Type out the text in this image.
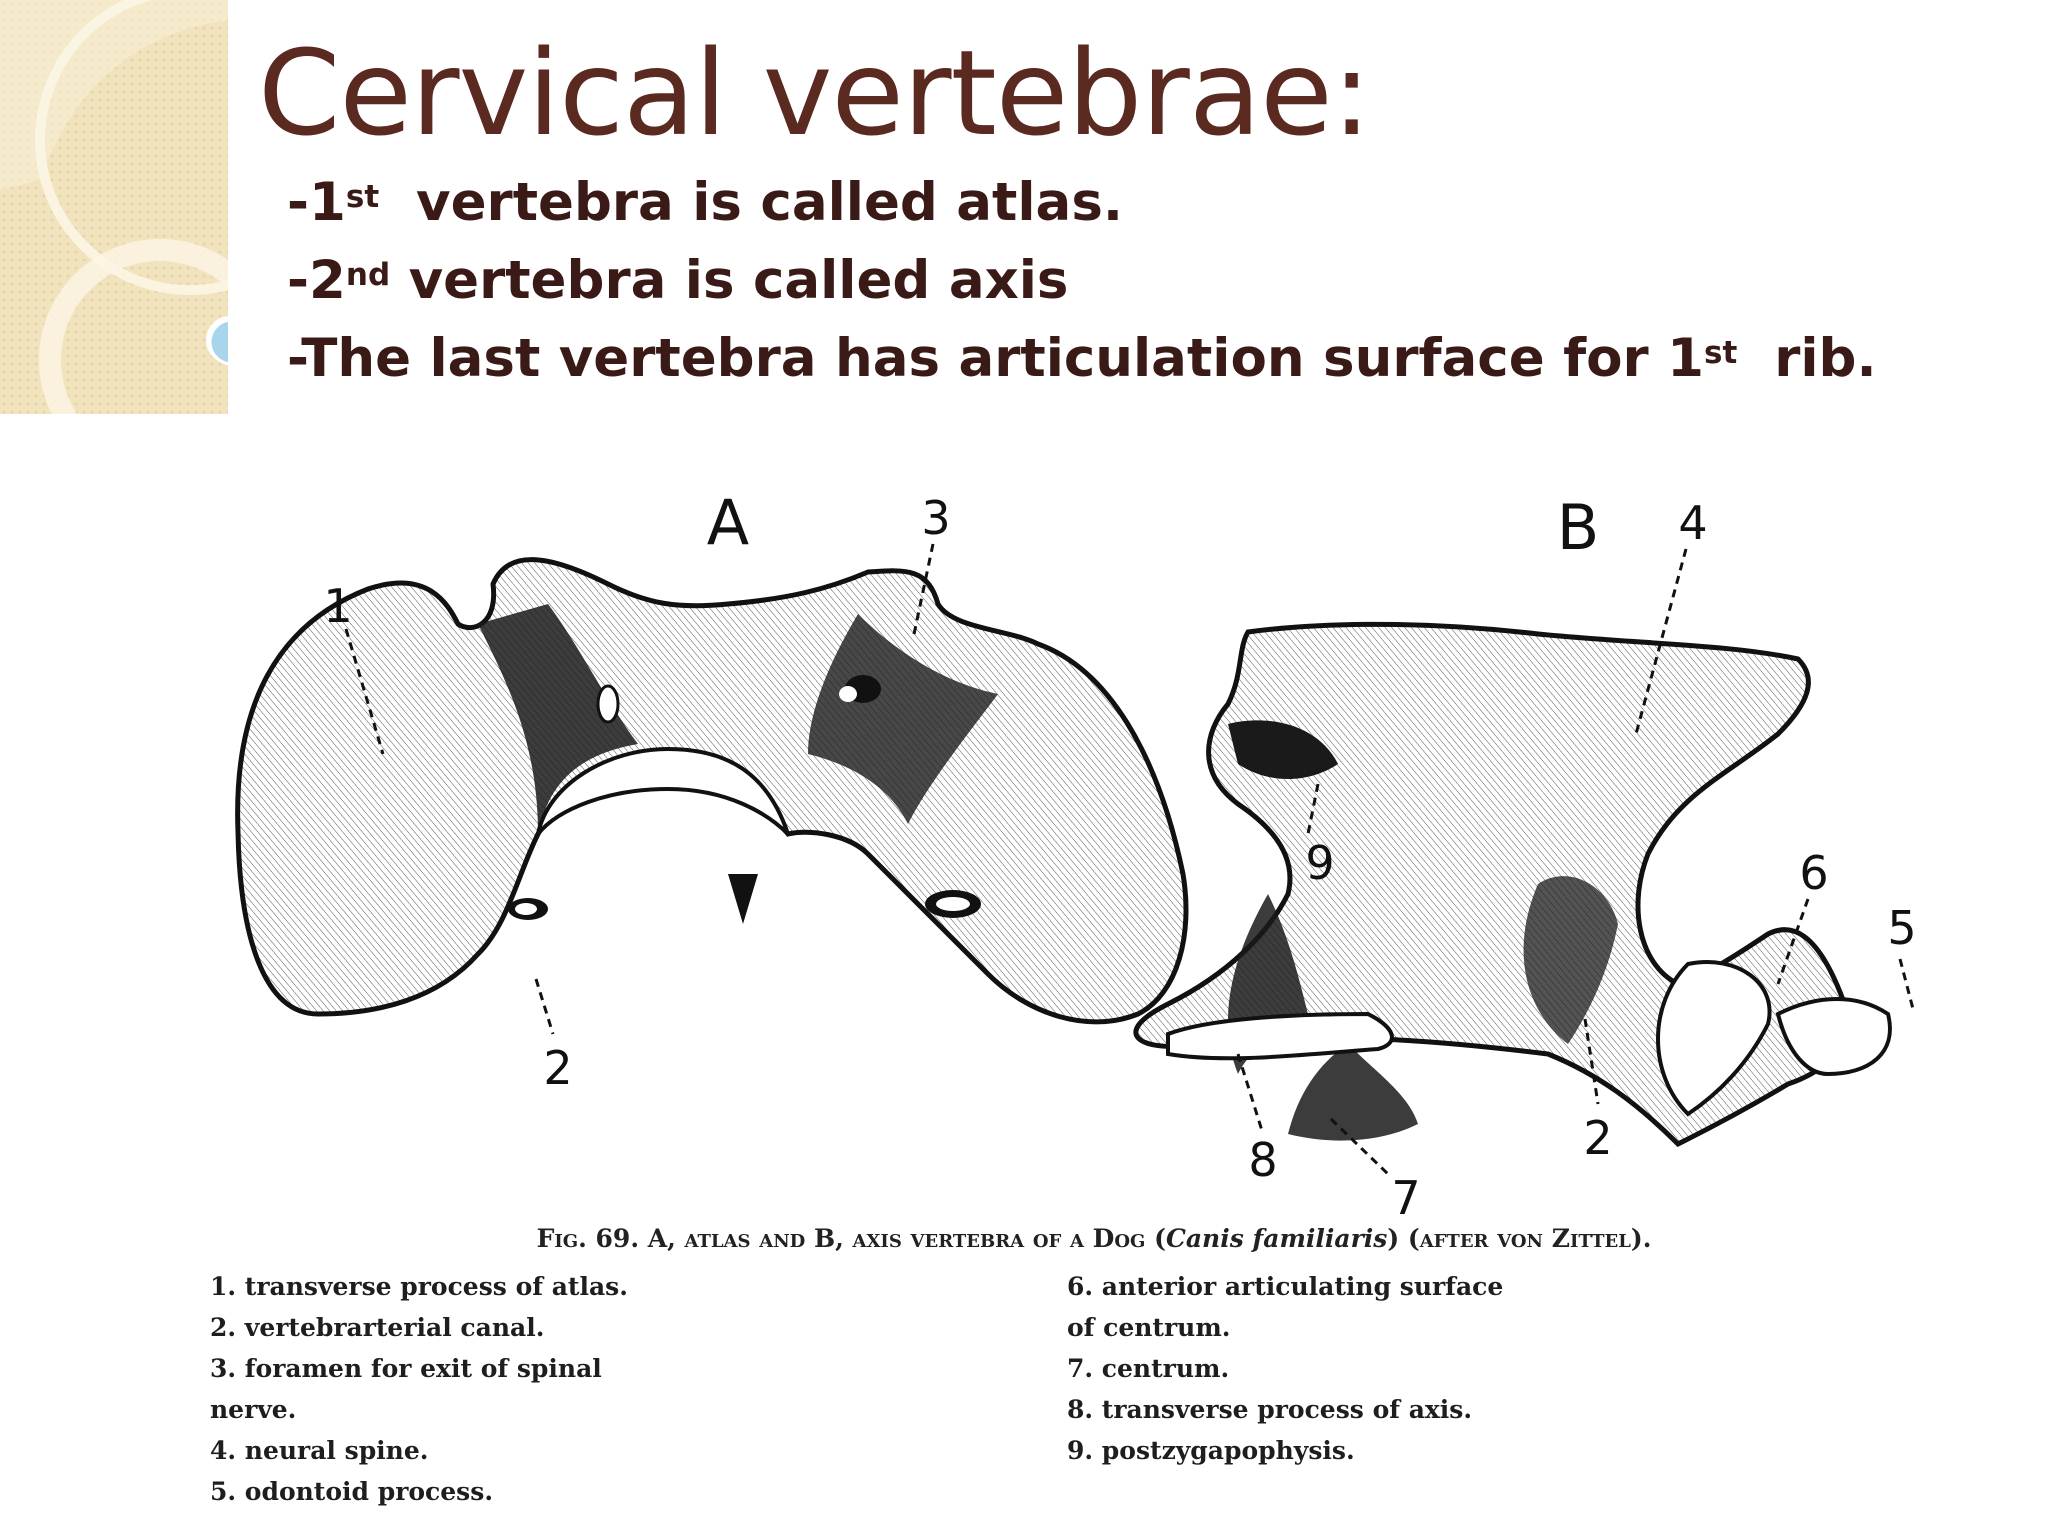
Cervical vertebrae:
-1st  vertebra is called atlas.
-2nd vertebra is called axis
-The last vertebra has articulation surface for 1st  rib.
A	B
1
2
3	4
5
6
2
7
8
9

Fig. 69. A, atlas and B, axis vertebra of a Dog (Canis familiaris) (after von Zittel).

1. transverse process of atlas.
2. vertebrarterial canal.
3. foramen for exit of spinal
nerve.
4. neural spine.
5. odontoid process.
6. anterior articulating surface
of centrum.
7. centrum.
8. transverse process of axis.
9. postzygapophysis.
